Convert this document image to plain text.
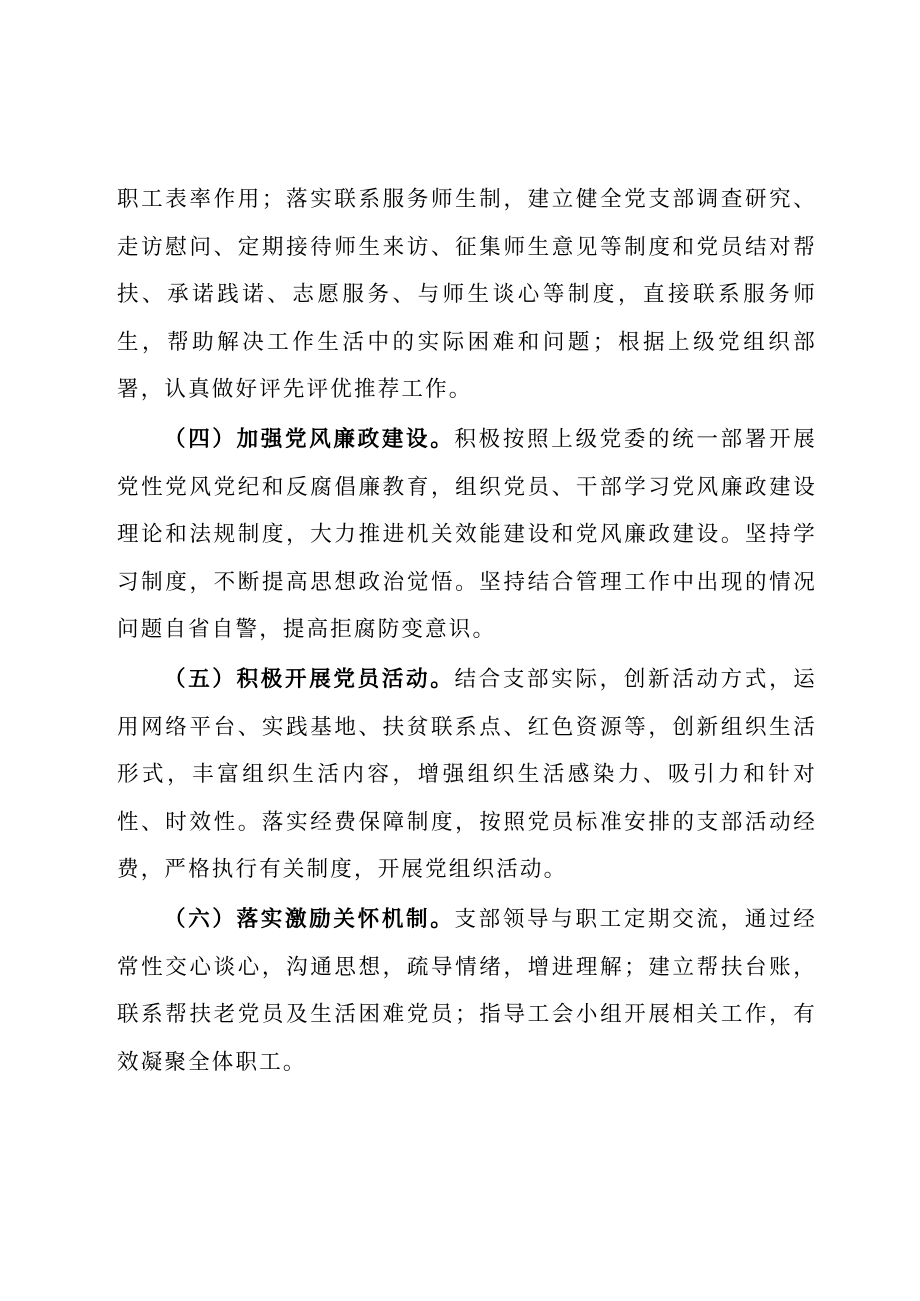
职工表率作用；落实联系服务师生制，建立健全党支部调查研究、走访慰问、定期接待师生来访、征集师生意见等制度和党员结对帮扶、承诺践诺、志愿服务、与师生谈心等制度，直接联系服务师生，帮助解决工作生活中的实际困难和问题；根据上级党组织部署，认真做好评先评优推荐工作。

（四）加强党风廉政建设。积极按照上级党委的统一部署开展党性党风党纪和反腐倡廉教育，组织党员、干部学习党风廉政建设理论和法规制度，大力推进机关效能建设和党风廉政建设。坚持学习制度，不断提高思想政治觉悟。坚持结合管理工作中出现的情况问题自省自警，提高拒腐防变意识。

（五）积极开展党员活动。结合支部实际，创新活动方式，运用网络平台、实践基地、扶贫联系点、红色资源等，创新组织生活形式，丰富组织生活内容，增强组织生活感染力、吸引力和针对性、时效性。落实经费保障制度，按照党员标准安排的支部活动经费，严格执行有关制度，开展党组织活动。

（六）落实激励关怀机制。支部领导与职工定期交流，通过经常性交心谈心，沟通思想，疏导情绪，增进理解；建立帮扶台账，联系帮扶老党员及生活困难党员；指导工会小组开展相关工作，有效凝聚全体职工。
